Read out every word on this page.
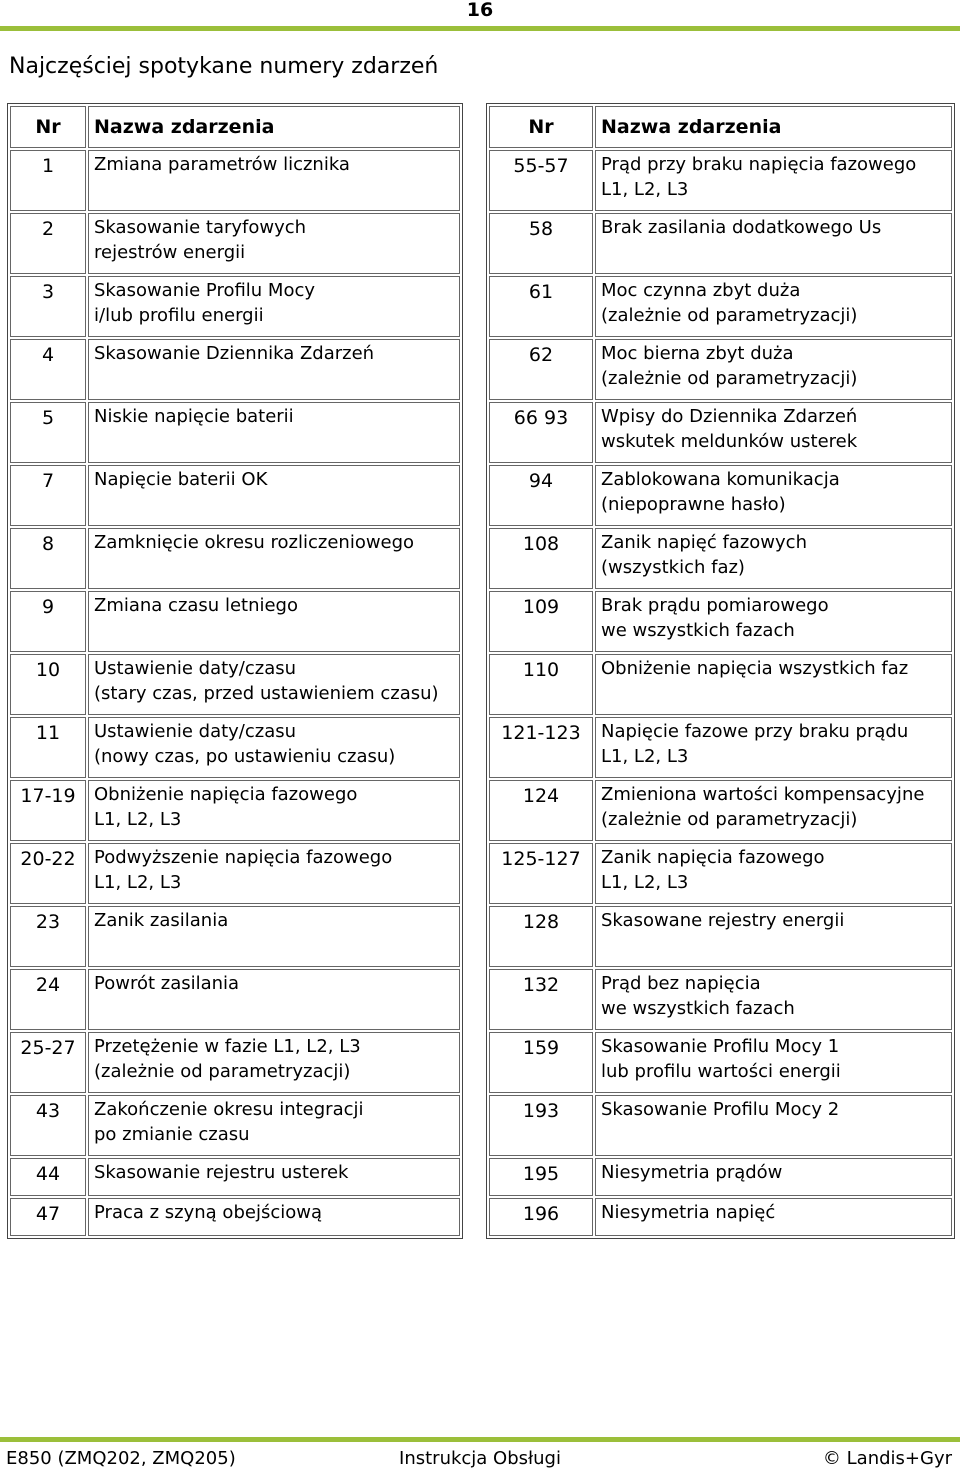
16
Najczęściej spotykane numery zdarzeń
Nr	Nazwa zdarzenia
1	Zmiana parametrów licznika
2	Skasowanie taryfowych
rejestrów energii
3	Skasowanie Profilu Mocy
i/lub profilu energii
4	Skasowanie Dziennika Zdarzeń
5	Niskie napięcie baterii
7	Napięcie baterii OK
8	Zamknięcie okresu rozliczeniowego
9	Zmiana czasu letniego
10	Ustawienie daty/czasu
(stary czas, przed ustawieniem czasu)
11	Ustawienie daty/czasu
(nowy czas, po ustawieniu czasu)
17-19	Obniżenie napięcia fazowego
L1, L2, L3
20-22	Podwyższenie napięcia fazowego
L1, L2, L3
23	Zanik zasilania
24	Powrót zasilania
25-27	Przetężenie w fazie L1, L2, L3
(zależnie od parametryzacji)
43	Zakończenie okresu integracji
po zmianie czasu
44	Skasowanie rejestru usterek
47	Praca z szyną obejściową
Nr	Nazwa zdarzenia
55-57	Prąd przy braku napięcia fazowego
L1, L2, L3
58	Brak zasilania dodatkowego Us
61	Moc czynna zbyt duża
(zależnie od parametryzacji)
62	Moc bierna zbyt duża
(zależnie od parametryzacji)
66 93	Wpisy do Dziennika Zdarzeń
wskutek meldunków usterek
94	Zablokowana komunikacja
(niepoprawne hasło)
108	Zanik napięć fazowych
(wszystkich faz)
109	Brak prądu pomiarowego
we wszystkich fazach
110	Obniżenie napięcia wszystkich faz
121-123	Napięcie fazowe przy braku prądu
L1, L2, L3
124	Zmieniona wartości kompensacyjne
(zależnie od parametryzacji)
125-127	Zanik napięcia fazowego
L1, L2, L3
128	Skasowane rejestry energii
132	Prąd bez napięcia
we wszystkich fazach
159	Skasowanie Profilu Mocy 1
lub profilu wartości energii
193	Skasowanie Profilu Mocy 2
195	Niesymetria prądów
196	Niesymetria napięć
E850 (ZMQ202, ZMQ205)	Instrukcja Obsługi	© Landis+Gyr
